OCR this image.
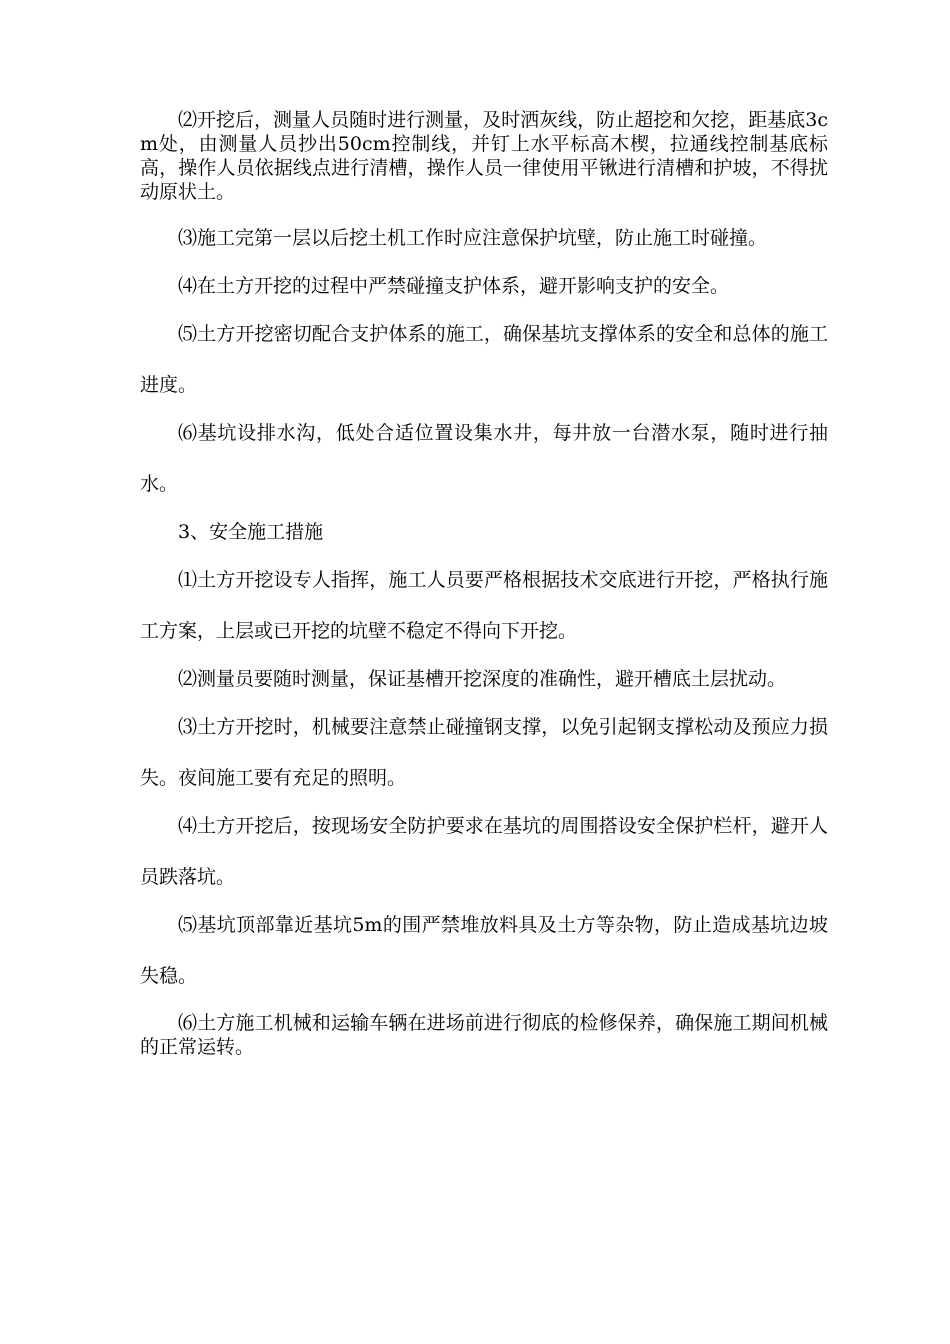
⑵开挖后，测量人员随时进行测量，及时洒灰线，防止超挖和欠挖，距基底3cm处，由测量人员抄出50cm控制线，并钉上水平标高木楔，拉通线控制基底标高，操作人员依据线点进行清槽，操作人员一律使用平锹进行清槽和护坡，不得扰动原状土。

⑶施工完第一层以后挖土机工作时应注意保护坑壁，防止施工时碰撞。

⑷在土方开挖的过程中严禁碰撞支护体系，避开影响支护的安全。

⑸土方开挖密切配合支护体系的施工，确保基坑支撑体系的安全和总体的施工进度。

⑹基坑设排水沟，低处合适位置设集水井，每井放一台潜水泵，随时进行抽水。

3、安全施工措施

⑴土方开挖设专人指挥，施工人员要严格根据技术交底进行开挖，严格执行施工方案，上层或已开挖的坑壁不稳定不得向下开挖。

⑵测量员要随时测量，保证基槽开挖深度的准确性，避开槽底土层扰动。

⑶土方开挖时，机械要注意禁止碰撞钢支撑，以免引起钢支撑松动及预应力损失。夜间施工要有充足的照明。

⑷土方开挖后，按现场安全防护要求在基坑的周围搭设安全保护栏杆，避开人员跌落坑。

⑸基坑顶部靠近基坑5m的围严禁堆放料具及土方等杂物，防止造成基坑边坡失稳。

⑹土方施工机械和运输车辆在进场前进行彻底的检修保养，确保施工期间机械的正常运转。
